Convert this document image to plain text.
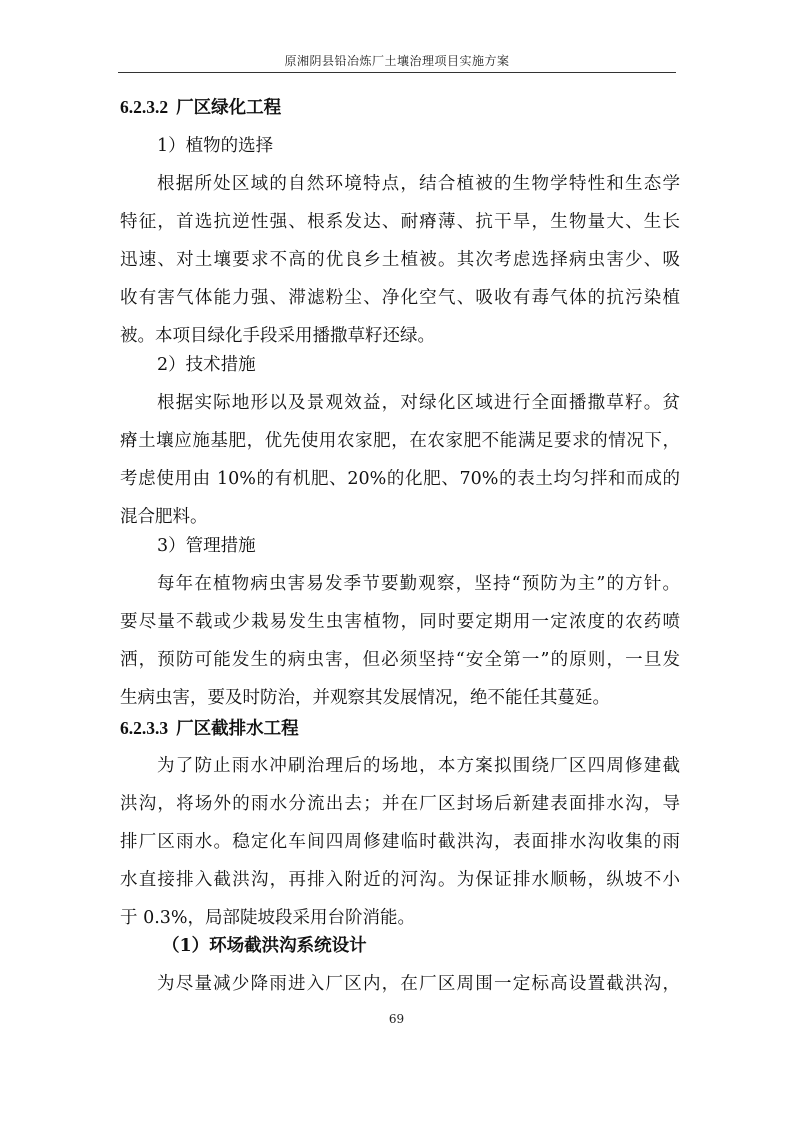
原湘阴县铅冶炼厂土壤治理项目实施方案
6.2.3.2 厂区绿化工程
1）植物的选择
根据所处区域的自然环境特点，结合植被的生物学特性和生态学
特征，首选抗逆性强、根系发达、耐瘠薄、抗干旱，生物量大、生长
迅速、对土壤要求不高的优良乡土植被。其次考虑选择病虫害少、吸
收有害气体能力强、滞滤粉尘、净化空气、吸收有毒气体的抗污染植
被。本项目绿化手段采用播撒草籽还绿。
2）技术措施
根据实际地形以及景观效益，对绿化区域进行全面播撒草籽。贫
瘠土壤应施基肥，优先使用农家肥，在农家肥不能满足要求的情况下，
考虑使用由 10%的有机肥、20%的化肥、70%的表土均匀拌和而成的
混合肥料。
3）管理措施
每年在植物病虫害易发季节要勤观察，坚持“预防为主”的方针。
要尽量不载或少栽易发生虫害植物，同时要定期用一定浓度的农药喷
洒，预防可能发生的病虫害，但必须坚持“安全第一”的原则，一旦发
生病虫害，要及时防治，并观察其发展情况，绝不能任其蔓延。
6.2.3.3 厂区截排水工程
为了防止雨水冲刷治理后的场地，本方案拟围绕厂区四周修建截
洪沟，将场外的雨水分流出去；并在厂区封场后新建表面排水沟，导
排厂区雨水。稳定化车间四周修建临时截洪沟，表面排水沟收集的雨
水直接排入截洪沟，再排入附近的河沟。为保证排水顺畅，纵坡不小
于 0.3%，局部陡坡段采用台阶消能。
（1）环场截洪沟系统设计
为尽量减少降雨进入厂区内，在厂区周围一定标高设置截洪沟，
69
